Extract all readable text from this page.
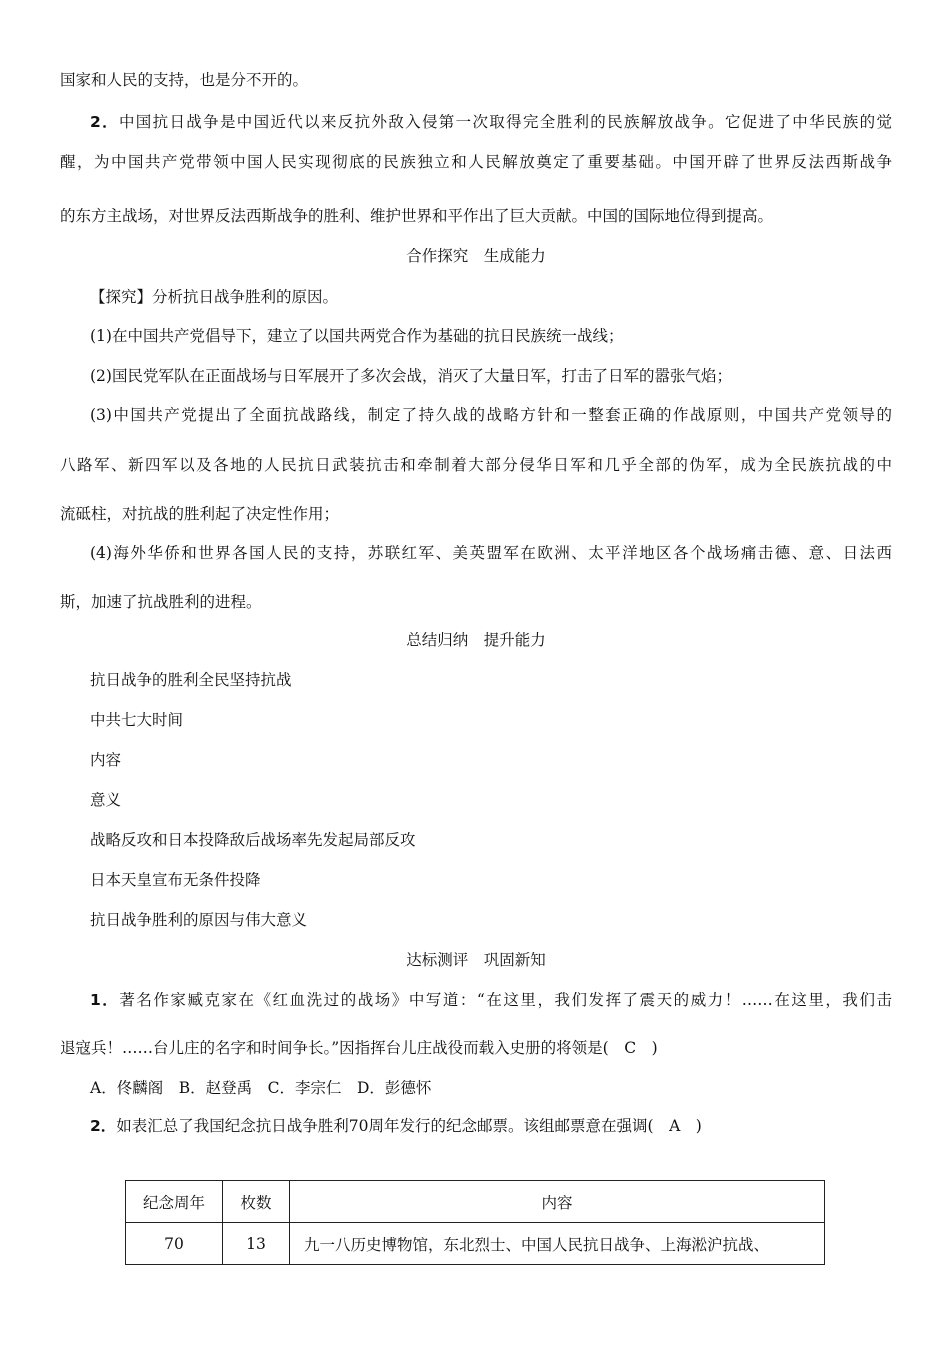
国家和人民的支持，也是分不开的。
2．中国抗日战争是中国近代以来反抗外敌入侵第一次取得完全胜利的民族解放战争。它促进了中华民族的觉
醒，为中国共产党带领中国人民实现彻底的民族独立和人民解放奠定了重要基础。中国开辟了世界反法西斯战争
的东方主战场，对世界反法西斯战争的胜利、维护世界和平作出了巨大贡献。中国的国际地位得到提高。
合作探究　生成能力
【探究】分析抗日战争胜利的原因。
(1)在中国共产党倡导下，建立了以国共两党合作为基础的抗日民族统一战线；
(2)国民党军队在正面战场与日军展开了多次会战，消灭了大量日军，打击了日军的嚣张气焰；
(3)中国共产党提出了全面抗战路线，制定了持久战的战略方针和一整套正确的作战原则，中国共产党领导的
八路军、新四军以及各地的人民抗日武装抗击和牵制着大部分侵华日军和几乎全部的伪军，成为全民族抗战的中
流砥柱，对抗战的胜利起了决定性作用；
(4)海外华侨和世界各国人民的支持，苏联红军、美英盟军在欧洲、太平洋地区各个战场痛击德、意、日法西
斯，加速了抗战胜利的进程。
总结归纳　提升能力
抗日战争的胜利全民坚持抗战
中共七大时间
内容
意义
战略反攻和日本投降敌后战场率先发起局部反攻
日本天皇宣布无条件投降
抗日战争胜利的原因与伟大意义
达标测评　巩固新知
1．著名作家臧克家在《红血洗过的战场》中写道：“在这里，我们发挥了震天的威力！……在这里，我们击
退寇兵！……台儿庄的名字和时间争长。”因指挥台儿庄战役而载入史册的将领是(　C　)
A．佟麟阁　B．赵登禹　C．李宗仁　D．彭德怀
2．如表汇总了我国纪念抗日战争胜利70周年发行的纪念邮票。该组邮票意在强调(　A　)
纪念周年	枚数	内容
70	13	九一八历史博物馆，东北烈士、中国人民抗日战争、上海淞沪抗战、
